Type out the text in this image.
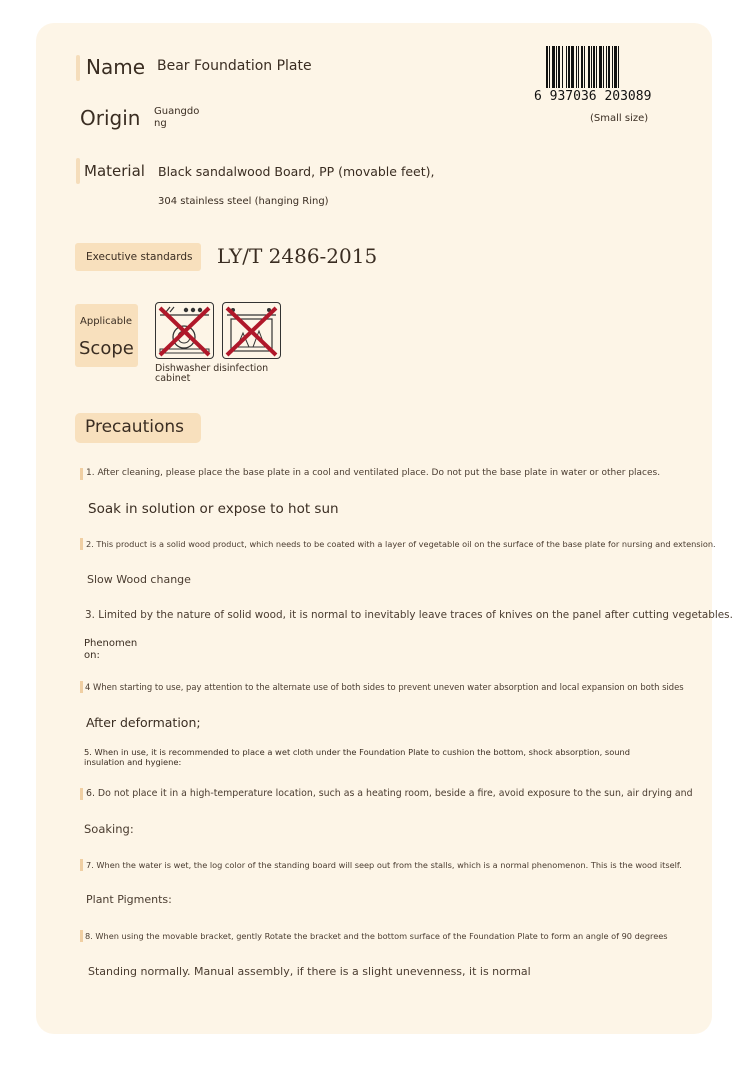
Name Bear Foundation Plate
Origin Guangdo
ng
6 937036 203089
(Small size)
Material Black sandalwood Board, PP (movable feet),
304 stainless steel (hanging Ring)
Executive standards LY/T 2486-2015
Applicable
Scope
Dishwasher disinfection
cabinet
Precautions
1. After cleaning, please place the base plate in a cool and ventilated place. Do not put the base plate in water or other places.
Soak in solution or expose to hot sun
2. This product is a solid wood product, which needs to be coated with a layer of vegetable oil on the surface of the base plate for nursing and extension.
Slow Wood change
3. Limited by the nature of solid wood, it is normal to inevitably leave traces of knives on the panel after cutting vegetables.
Phenomen
on:
4 When starting to use, pay attention to the alternate use of both sides to prevent uneven water absorption and local expansion on both sides
After deformation;
5. When in use, it is recommended to place a wet cloth under the Foundation Plate to cushion the bottom, shock absorption, sound
insulation and hygiene:
6. Do not place it in a high-temperature location, such as a heating room, beside a fire, avoid exposure to the sun, air drying and
Soaking:
7. When the water is wet, the log color of the standing board will seep out from the stalls, which is a normal phenomenon. This is the wood itself.
Plant Pigments:
8. When using the movable bracket, gently Rotate the bracket and the bottom surface of the Foundation Plate to form an angle of 90 degrees
Standing normally. Manual assembly, if there is a slight unevenness, it is normal
